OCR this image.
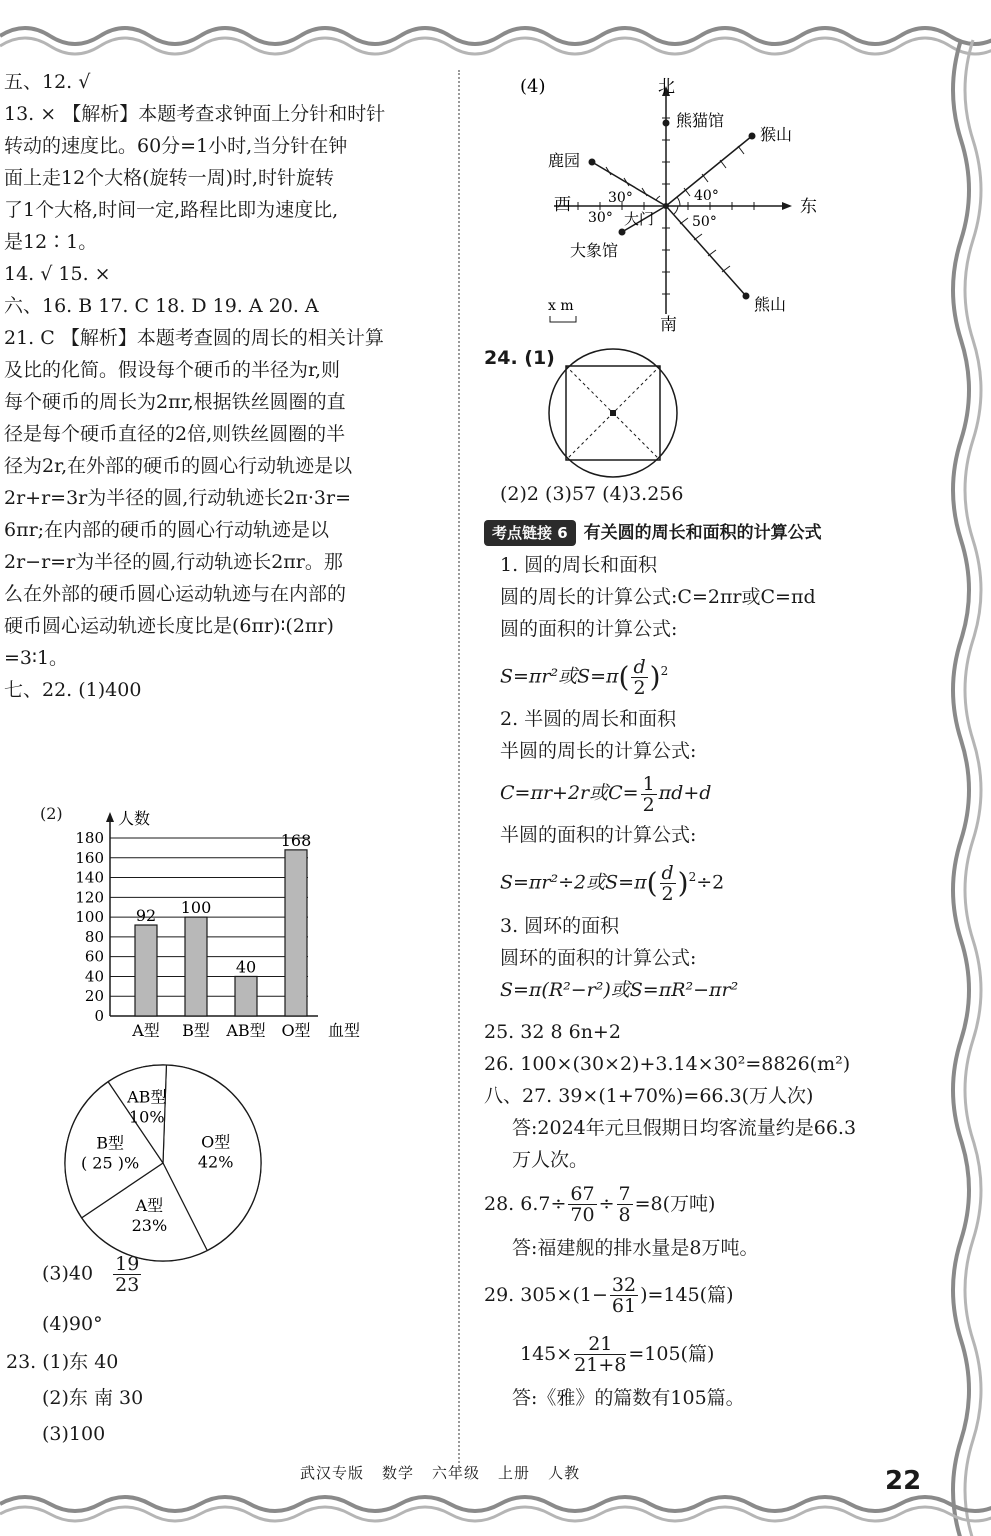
五、12. √
13. × 【解析】本题考查求钟面上分针和时针
转动的速度比。60分=1小时,当分针在钟
面上走12个大格(旋转一周)时,时针旋转
了1个大格,时间一定,路程比即为速度比,
是12∶1。
14. √ 15. ×
六、16. B 17. C 18. D 19. A 20. A
21. C 【解析】本题考查圆的周长的相关计算
及比的化简。假设每个硬币的半径为r,则
每个硬币的周长为2πr,根据铁丝圆圈的直
径是每个硬币直径的2倍,则铁丝圆圈的半
径为2r,在外部的硬币的圆心行动轨迹是以
2r+r=3r为半径的圆,行动轨迹长2π·3r=
6πr;在内部的硬币的圆心行动轨迹是以
2r−r=r为半径的圆,行动轨迹长2πr。那
么在外部的硬币圆心运动轨迹与在内部的
硬币圆心运动轨迹长度比是(6πr)∶(2πr)
=3∶1。
七、22. (1)400
(2)
0
20
40
60
80
100
120
140
160
180
人数
血型
92
A型
100
B型
40
AB型
168
O型
O型
42%
A型
23%
B型
( 25 )%
AB型
10%
$(3)40 \frac{19}{23}$
(4)90°
23. (1)东 40
(2)东 南 30
(3)100
(4)	北
南
东
西
熊猫馆
猴山
鹿园
大象馆
熊山
大门
30°
30°
40°
50°
x m
24. (1)
(2)2 (3)57 (4)3.256
考点链接 6 有关圆的周长和面积的计算公式
1. 圆的周长和面积
圆的周长的计算公式:C=2πr或C=πd
圆的面积的计算公式:
S=πr²或$S=\pi( \frac{d}{2} )^2$
2. 半圆的周长和面积
半圆的周长的计算公式:
C=πr+2r或$C= \frac{1}{2} \pi d+d$
半圆的面积的计算公式:
S=πr²÷2或$S=\pi( \frac{d}{2} )^2\div 2$
3. 圆环的面积
圆环的面积的计算公式:
S=π(R²−r²)或S=πR²−πr²
25. 32 8 6n+2
26. 100×(30×2)+3.14×30²=8826(m²)
八、27. 39×(1+70%)=66.3(万人次)
答:2024年元旦假期日均客流量约是66.3
万人次。
28. $6.7\div \frac{67}{70} \div \frac{7}{8} =8$(万吨)
答:福建舰的排水量是8万吨。
29. $305\times(1- \frac{32}{61} )=145$(篇)
$145\times \frac{21}{21+8} =105$(篇)
答:《雅》的篇数有105篇。
武汉专版 数学 六年级 上册 人教	22
